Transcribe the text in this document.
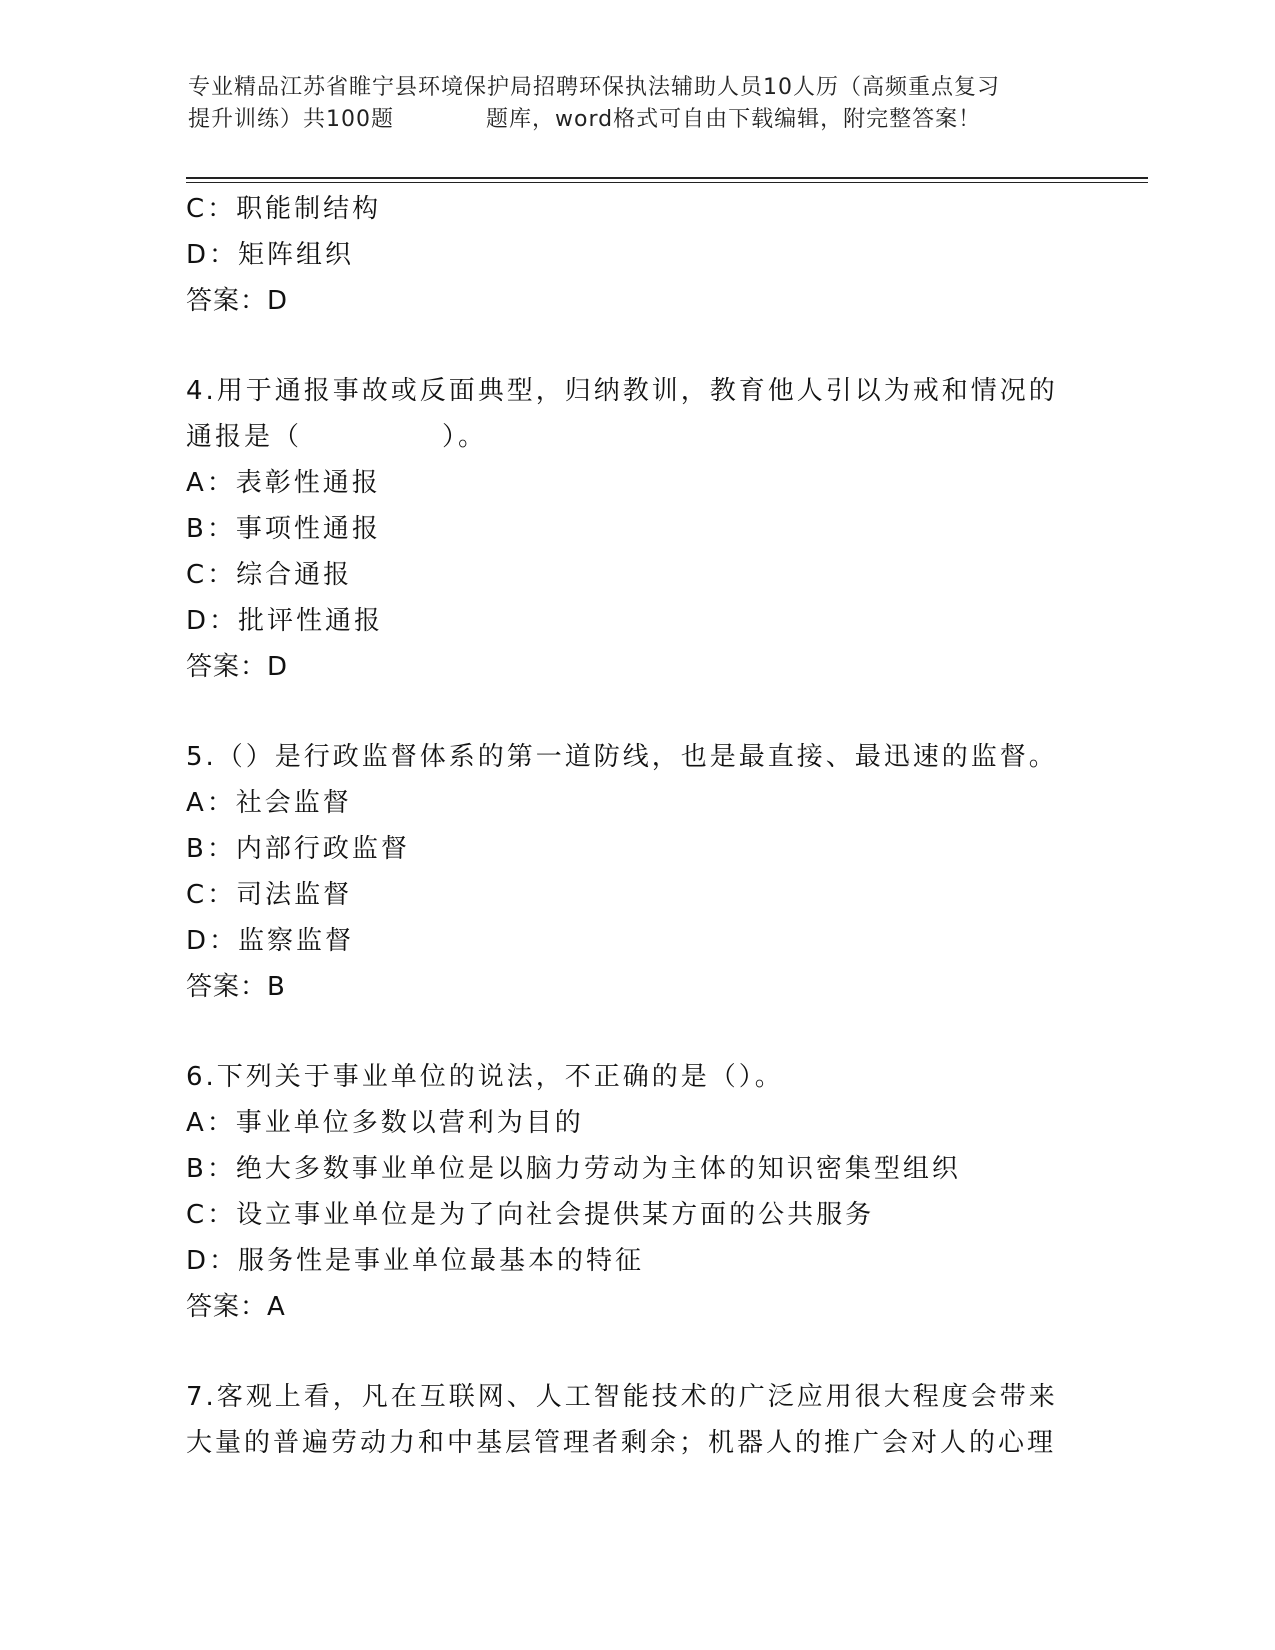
专业精品江苏省睢宁县环境保护局招聘环保执法辅助人员10人历（高频重点复习
提升训练）共100题	题库，word格式可自由下载编辑，附完整答案！
C：职能制结构
D：矩阵组织
答案：D
4.用于通报事故或反面典型，归纳教训，教育他人引以为戒和情况的
通报是（	）。
A：表彰性通报
B：事项性通报
C：综合通报
D：批评性通报
答案：D
5.（）是行政监督体系的第一道防线，也是最直接、最迅速的监督。
A：社会监督
B：内部行政监督
C：司法监督
D：监察监督
答案：B
6.下列关于事业单位的说法，不正确的是（）。
A：事业单位多数以营利为目的
B：绝大多数事业单位是以脑力劳动为主体的知识密集型组织
C：设立事业单位是为了向社会提供某方面的公共服务
D：服务性是事业单位最基本的特征
答案：A
7.客观上看，凡在互联网、人工智能技术的广泛应用很大程度会带来
大量的普遍劳动力和中基层管理者剩余；机器人的推广会对人的心理
